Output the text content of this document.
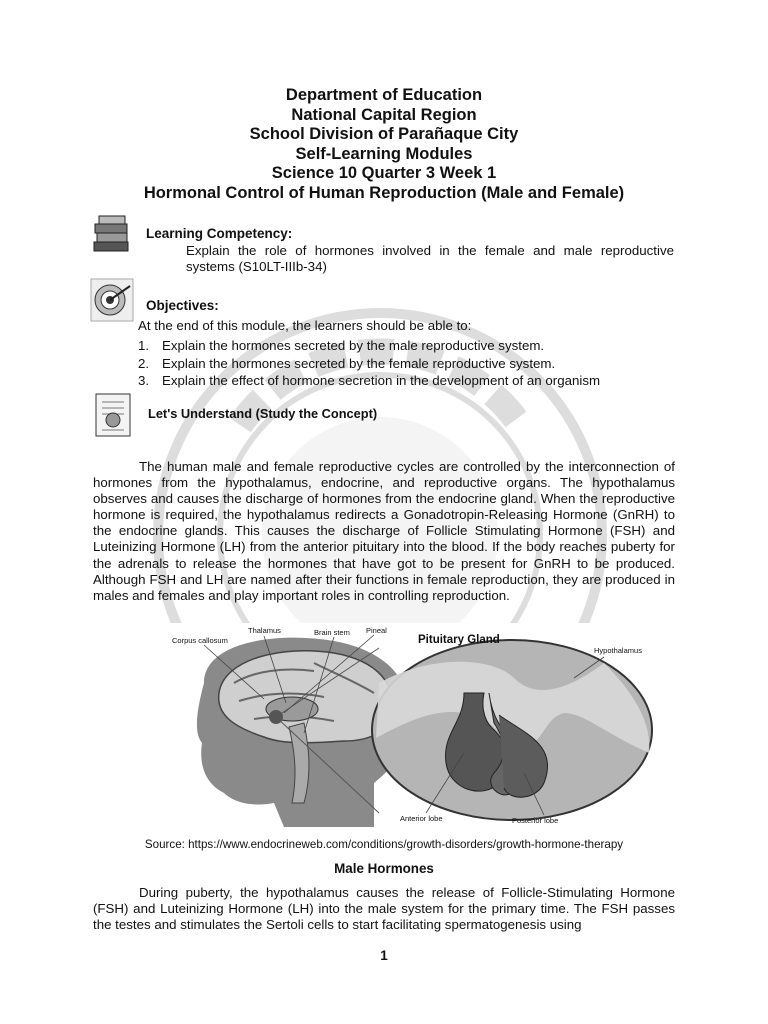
Department of Education
National Capital Region
School Division of Parañaque City
Self-Learning Modules
Science 10 Quarter 3 Week 1
Hormonal Control of Human Reproduction (Male and Female)
Learning Competency:
Explain the role of hormones involved in the female and male reproductive systems (S10LT-IIIb-34)
Objectives:
At the end of this module, the learners should be able to:
1. Explain the hormones secreted by the male reproductive system.
2. Explain the hormones secreted by the female reproductive system.
3. Explain the effect of hormone secretion in the development of an organism
Let's Understand (Study the Concept)
The human male and female reproductive cycles are controlled by the interconnection of hormones from the hypothalamus, endocrine, and reproductive organs. The hypothalamus observes and causes the discharge of hormones from the endocrine gland. When the reproductive hormone is required, the hypothalamus redirects a Gonadotropin-Releasing Hormone (GnRH) to the endocrine glands. This causes the discharge of Follicle Stimulating Hormone (FSH) and Luteinizing Hormone (LH) from the anterior pituitary into the blood. If the body reaches puberty for the adrenals to release the hormones that have got to be present for GnRH to be produced. Although FSH and LH are named after their functions in female reproduction, they are produced in males and females and play important roles in controlling reproduction.
Corpus callosum
Thalamus	Brain stem Pineal
Pituitary Gland
Hypothalamus
Anterior lobe	Posterior lobe
Source: https://www.endocrineweb.com/conditions/growth-disorders/growth-hormone-therapy
Male Hormones
During puberty, the hypothalamus causes the release of Follicle-Stimulating Hormone (FSH) and Luteinizing Hormone (LH) into the male system for the primary time. The FSH passes the testes and stimulates the Sertoli cells to start facilitating spermatogenesis using
1
